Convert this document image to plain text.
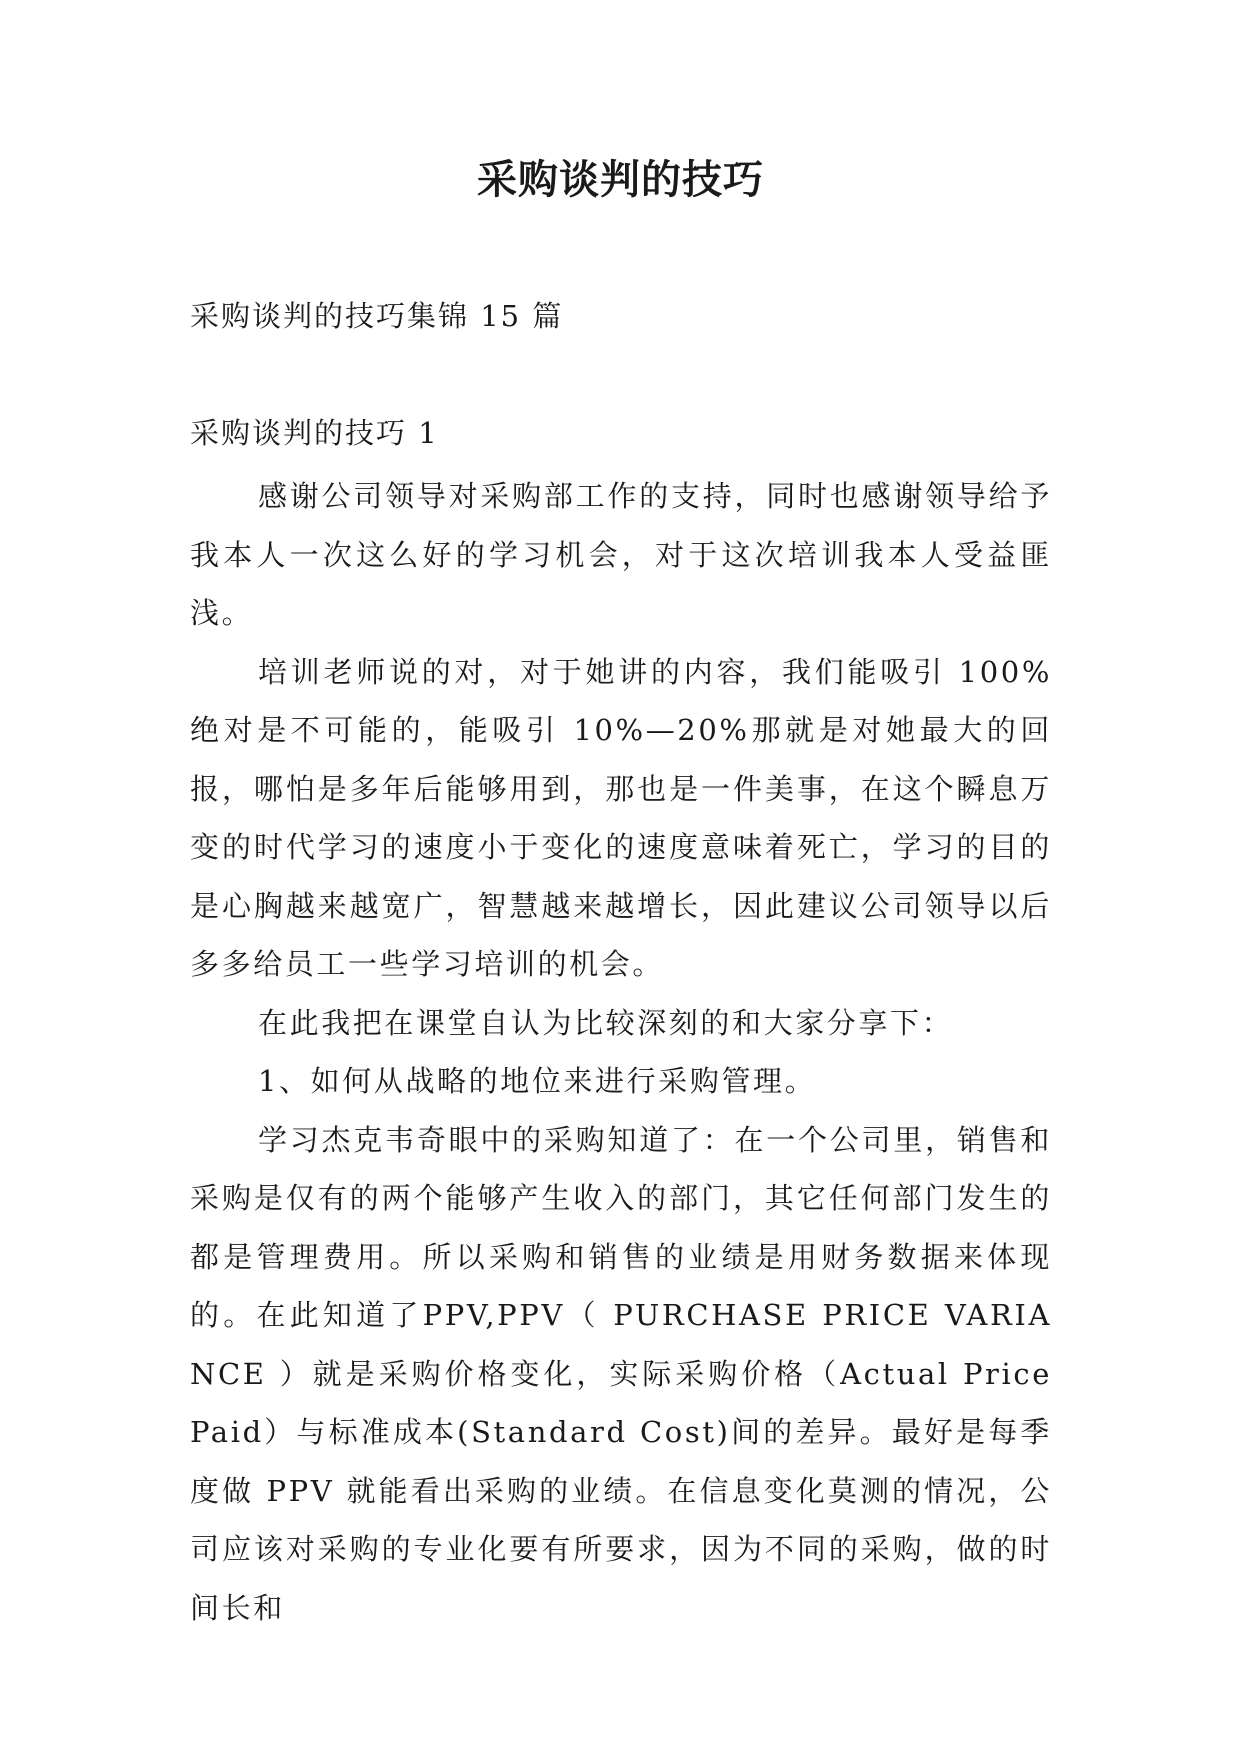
采购谈判的技巧
采购谈判的技巧集锦 15 篇
采购谈判的技巧 1

感谢公司领导对采购部工作的支持，同时也感谢领导给予我本人一次这么好的学习机会，对于这次培训我本人受益匪浅。

培训老师说的对，对于她讲的内容，我们能吸引 100%绝对是不可能的，能吸引 10%—20%那就是对她最大的回报，哪怕是多年后能够用到，那也是一件美事，在这个瞬息万变的时代学习的速度小于变化的速度意味着死亡，学习的目的是心胸越来越宽广，智慧越来越增长，因此建议公司领导以后多多给员工一些学习培训的机会。

在此我把在课堂自认为比较深刻的和大家分享下：

1、如何从战略的地位来进行采购管理。

学习杰克韦奇眼中的采购知道了：在一个公司里，销售和采购是仅有的两个能够产生收入的部门，其它任何部门发生的都是管理费用。所以采购和销售的业绩是用财务数据来体现的。在此知道了PPV,PPV（ PURCHASE PRICE VARIANCE ）就是采购价格变化，实际采购价格（Actual Price Paid）与标准成本(Standard Cost)间的差异。最好是每季度做 PPV 就能看出采购的业绩。在信息变化莫测的情况，公司应该对采购的专业化要有所要求，因为不同的采购，做的时间长和
